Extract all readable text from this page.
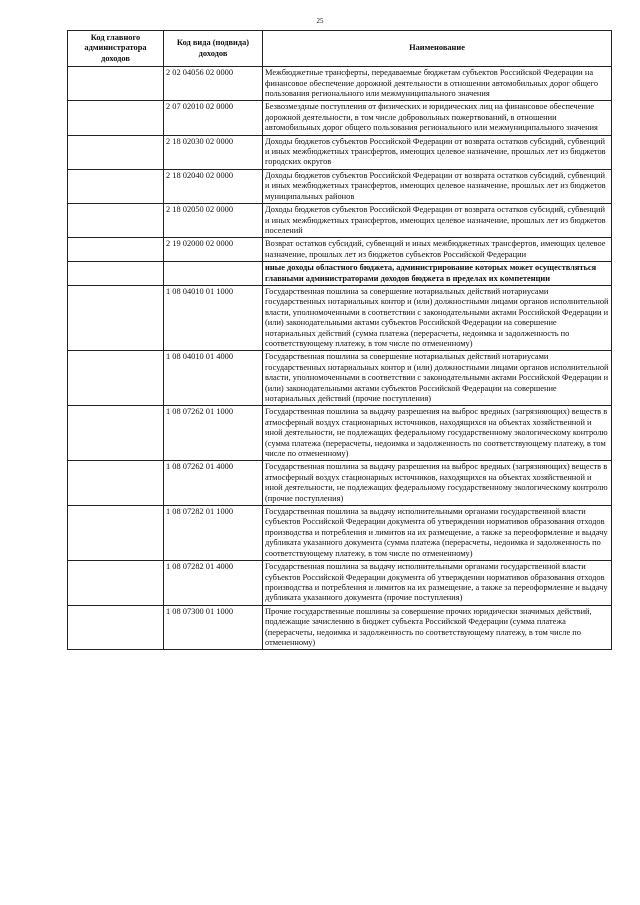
25
Код главного администратора доходов	Код вида (подвида) доходов	Наименование
	2 02 04056 02 0000	Межбюджетные трансферты, передаваемые бюджетам субъектов Российской Федерации на финансовое обеспечение дорожной деятельности в отношении автомобильных дорог общего пользования регионального или межмуниципального значения
	2 07 02010 02 0000	Безвозмездные поступления от физических и юридических лиц на финансовое обеспечение дорожной деятельности, в том числе добровольных пожертвований, в отношении автомобильных дорог общего пользования регионального или межмуниципального значения
	2 18 02030 02 0000	Доходы бюджетов субъектов Российской Федерации от возврата остатков субсидий, субвенций и иных межбюджетных трансфертов, имеющих целевое назначение, прошлых лет из бюджетов городских округов
	2 18 02040 02 0000	Доходы бюджетов субъектов Российской Федерации от возврата остатков субсидий, субвенций и иных межбюджетных трансфертов, имеющих целевое назначение, прошлых лет из бюджетов муниципальных районов
	2 18 02050 02 0000	Доходы бюджетов субъектов Российской Федерации от возврата остатков субсидий, субвенций и иных межбюджетных трансфертов, имеющих целевое назначение, прошлых лет из бюджетов поселений
	2 19 02000 02 0000	Возврат остатков субсидий, субвенций и иных межбюджетных трансфертов, имеющих целевое назначение, прошлых лет из бюджетов субъектов Российской Федерации
		иные доходы областного бюджета, администрирование которых может осуществляться главными администраторами доходов бюджета в пределах их компетенции
	1 08 04010 01 1000	Государственная пошлина за совершение нотариальных действий нотариусами государственных нотариальных контор и (или) должностными лицами органов исполнительной власти, уполномоченными в соответствии с законодательными актами Российской Федерации и (или) законодательными актами субъектов Российской Федерации на совершение нотариальных действий (сумма платежа (перерасчеты, недоимка и задолженность по соответствующему платежу, в том числе по отмененному)
	1 08 04010 01 4000	Государственная пошлина за совершение нотариальных действий нотариусами государственных нотариальных контор и (или) должностными лицами органов исполнительной власти, уполномоченными в соответствии с законодательными актами Российской Федерации и (или) законодательными актами субъектов Российской Федерации на совершение нотариальных действий (прочие поступления)
	1 08 07262 01 1000	Государственная пошлина за выдачу разрешения на выброс вредных (загрязняющих) веществ в атмосферный воздух стационарных источников, находящихся на объектах хозяйственной и иной деятельности, не подлежащих федеральному государственному экологическому контролю (сумма платежа (перерасчеты, недоимка и задолженность по соответствующему платежу, в том числе по отмененному)
	1 08 07262 01 4000	Государственная пошлина за выдачу разрешения на выброс вредных (загрязняющих) веществ в атмосферный воздух стационарных источников, находящихся на объектах хозяйственной и иной деятельности, не подлежащих федеральному государственному экологическому контролю (прочие поступления)
	1 08 07282 01 1000	Государственная пошлина за выдачу исполнительными органами государственной власти субъектов Российской Федерации документа об утверждении нормативов образования отходов производства и потребления и лимитов на их размещение, а также за переоформление и выдачу дубликата указанного документа (сумма платежа (перерасчеты, недоимка и задолженность по соответствующему платежу, в том числе по отмененному)
	1 08 07282 01 4000	Государственная пошлина за выдачу исполнительными органами государственной власти субъектов Российской Федерации документа об утверждении нормативов образования отходов производства и потребления и лимитов на их размещение, а также за переоформление и выдачу дубликата указанного документа (прочие поступления)
	1 08 07300 01 1000	Прочие государственные пошлины за совершение прочих юридически значимых действий, подлежащие зачислению в бюджет субъекта Российской Федерации (сумма платежа (перерасчеты, недоимка и задолженность по соответствующему платежу, в том числе по отмененному)
